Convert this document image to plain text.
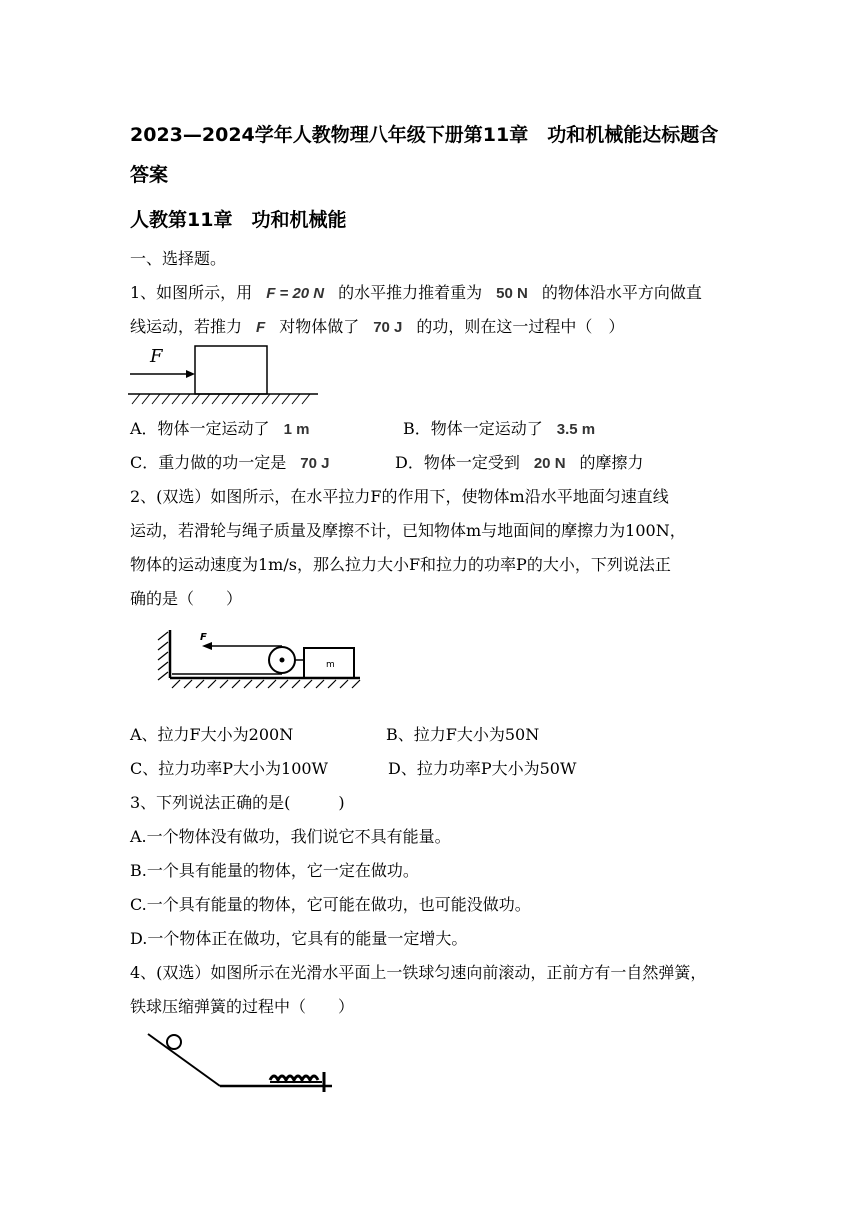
2023—2024学年人教物理八年级下册第11章　功和机械能达标题含
答案
人教第11章　功和机械能
一、选择题。
1、如图所示，用 F = 20 N 的水平推力推着重为 50 N 的物体沿水平方向做直
线运动，若推力 F 对物体做了 70 J 的功，则在这一过程中（　）
F
A．物体一定运动了 1 m	B．物体一定运动了 3.5 m
C．重力做的功一定是 70 J	D．物体一定受到 20 N 的摩擦力
2、(双选）如图所示，在水平拉力F的作用下，使物体m沿水平地面匀速直线
运动，若滑轮与绳子质量及摩擦不计，已知物体m与地面间的摩擦力为100N，
物体的运动速度为1m/s，那么拉力大小F和拉力的功率P的大小，下列说法正
确的是（　　）
F
m
A、拉力F大小为200N	B、拉力F大小为50N
C、拉力功率P大小为100W	D、拉力功率P大小为50W
3、下列说法正确的是(　　　)
A.一个物体没有做功，我们说它不具有能量。
B.一个具有能量的物体，它一定在做功。
C.一个具有能量的物体，它可能在做功，也可能没做功。
D.一个物体正在做功，它具有的能量一定增大。
4、(双选）如图所示在光滑水平面上一铁球匀速向前滚动，正前方有一自然弹簧，
铁球压缩弹簧的过程中（　　）
